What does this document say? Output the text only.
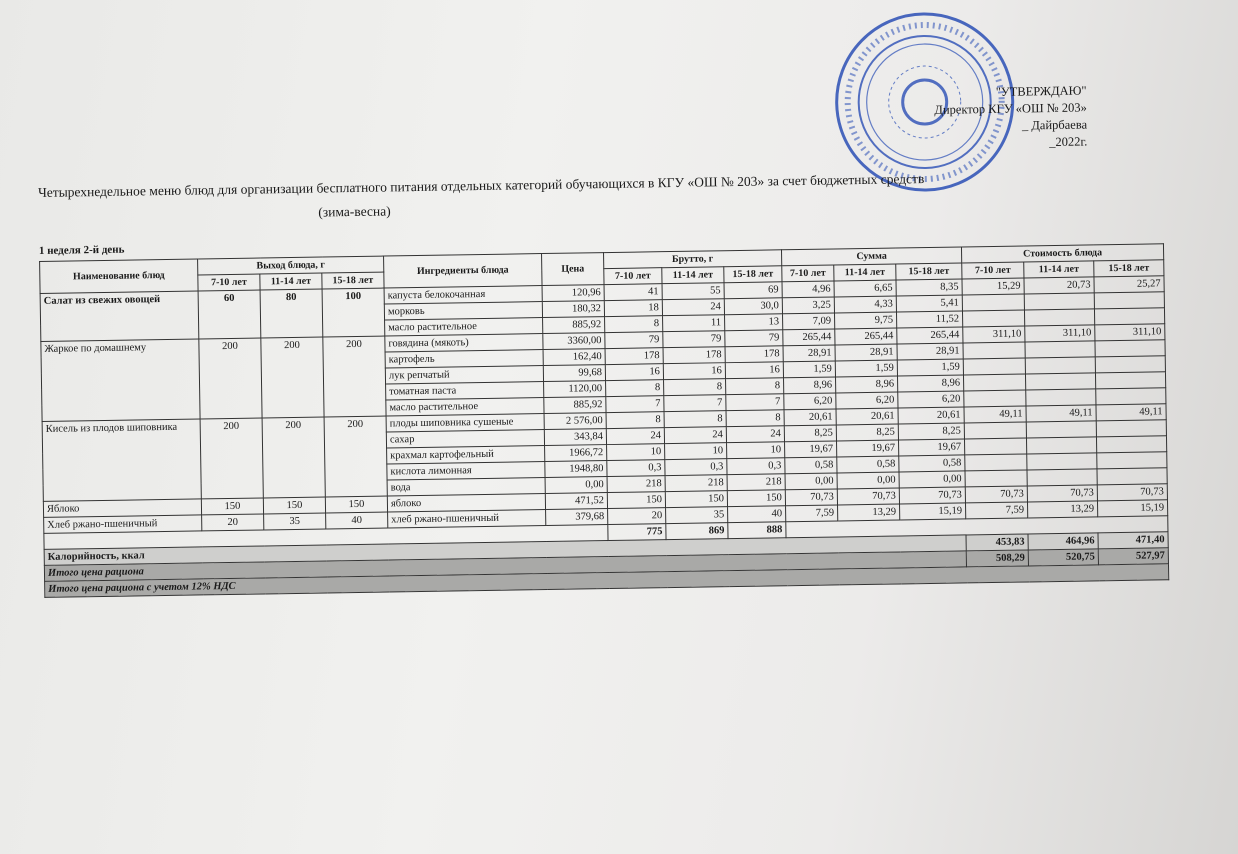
"УТВЕРЖДАЮ"
Директор КГУ «ОШ № 203»
_ Дайрбаева
_2022г.
Четырехнедельное меню блюд для организации бесплатного питания отдельных категорий обучающихся в КГУ «ОШ № 203» за счет бюджетных средств
(зима-весна)
1 неделя 2-й день
Наименование блюд	Выход блюда, г			Ингредиенты блюда	Цена	Брутто, г			Сумма			Стоимость блюда		
	7-10 лет	11-14 лет	15-18 лет			7-10 лет	11-14 лет	15-18 лет	7-10 лет	11-14 лет	15-18 лет	7-10 лет	11-14 лет	15-18 лет
Салат из свежих овощей	60	80	100	капуста белокочанная	120,96	41	55	69	4,96	6,65	8,35	15,29	20,73	25,27
				морковь	180,32	18	24	30,0	3,25	4,33	5,41			
				масло растительное	885,92	8	11	13	7,09	9,75	11,52			
Жаркое по домашнему	200	200	200	говядина (мякоть)	3360,00	79	79	79	265,44	265,44	265,44	311,10	311,10	311,10
				картофель	162,40	178	178	178	28,91	28,91	28,91			
				лук репчатый	99,68	16	16	16	1,59	1,59	1,59			
				томатная паста	1120,00	8	8	8	8,96	8,96	8,96			
				масло растительное	885,92	7	7	7	6,20	6,20	6,20			
Кисель из плодов шиповника	200	200	200	плоды шиповника сушеные	2 576,00	8	8	8	20,61	20,61	20,61	49,11	49,11	49,11
				сахар	343,84	24	24	24	8,25	8,25	8,25			
				крахмал картофельный	1966,72	10	10	10	19,67	19,67	19,67			
				кислота лимонная	1948,80	0,3	0,3	0,3	0,58	0,58	0,58			
				вода	0,00	218	218	218	0,00	0,00	0,00			
Яблоко	150	150	150	яблоко	471,52	150	150	150	70,73	70,73	70,73	70,73	70,73	70,73
Хлеб ржано-пшеничный	20	35	40	хлеб ржано-пшеничный	379,68	20	35	40	7,59	13,29	15,19	7,59	13,29	15,19
						775	869	888						
Калорийность, ккал												453,83	464,96	471,40
Итого цена рациона												508,29	520,75	527,97
Итого цена рациона с учетом 12% НДС														
